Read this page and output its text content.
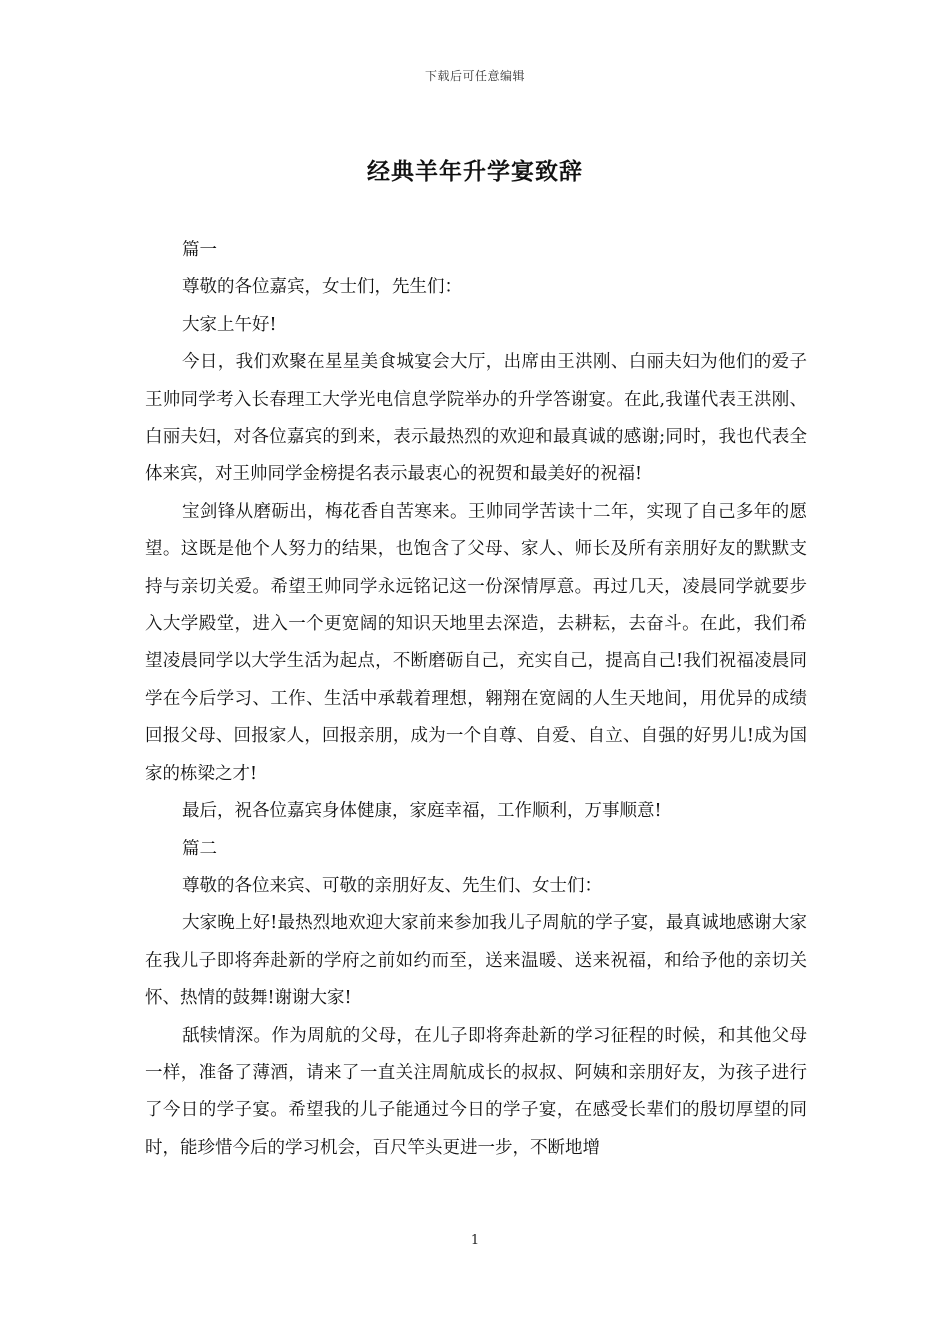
下载后可任意编辑
经典羊年升学宴致辞

篇一

尊敬的各位嘉宾，女士们，先生们：

大家上午好!

今日，我们欢聚在星星美食城宴会大厅，出席由王洪刚、白丽夫妇为他们的爱子王帅同学考入长春理工大学光电信息学院举办的升学答谢宴。在此,我谨代表王洪刚、白丽夫妇，对各位嘉宾的到来，表示最热烈的欢迎和最真诚的感谢;同时，我也代表全体来宾，对王帅同学金榜提名表示最衷心的祝贺和最美好的祝福!

宝剑锋从磨砺出，梅花香自苦寒来。王帅同学苦读十二年，实现了自己多年的愿望。这既是他个人努力的结果，也饱含了父母、家人、师长及所有亲朋好友的默默支持与亲切关爱。希望王帅同学永远铭记这一份深情厚意。再过几天，凌晨同学就要步入大学殿堂，进入一个更宽阔的知识天地里去深造，去耕耘，去奋斗。在此，我们希望凌晨同学以大学生活为起点，不断磨砺自己，充实自己，提高自己!我们祝福凌晨同学在今后学习、工作、生活中承载着理想，翱翔在宽阔的人生天地间，用优异的成绩回报父母、回报家人，回报亲朋，成为一个自尊、自爱、自立、自强的好男儿!成为国家的栋梁之才!

最后，祝各位嘉宾身体健康，家庭幸福，工作顺利，万事顺意!

篇二

尊敬的各位来宾、可敬的亲朋好友、先生们、女士们：

大家晚上好!最热烈地欢迎大家前来参加我儿子周航的学子宴，最真诚地感谢大家在我儿子即将奔赴新的学府之前如约而至，送来温暖、送来祝福，和给予他的亲切关怀、热情的鼓舞!谢谢大家!

舐犊情深。作为周航的父母，在儿子即将奔赴新的学习征程的时候，和其他父母一样，准备了薄酒，请来了一直关注周航成长的叔叔、阿姨和亲朋好友，为孩子进行了今日的学子宴。希望我的儿子能通过今日的学子宴，在感受长辈们的殷切厚望的同时，能珍惜今后的学习机会，百尺竿头更进一步，不断地增

1
